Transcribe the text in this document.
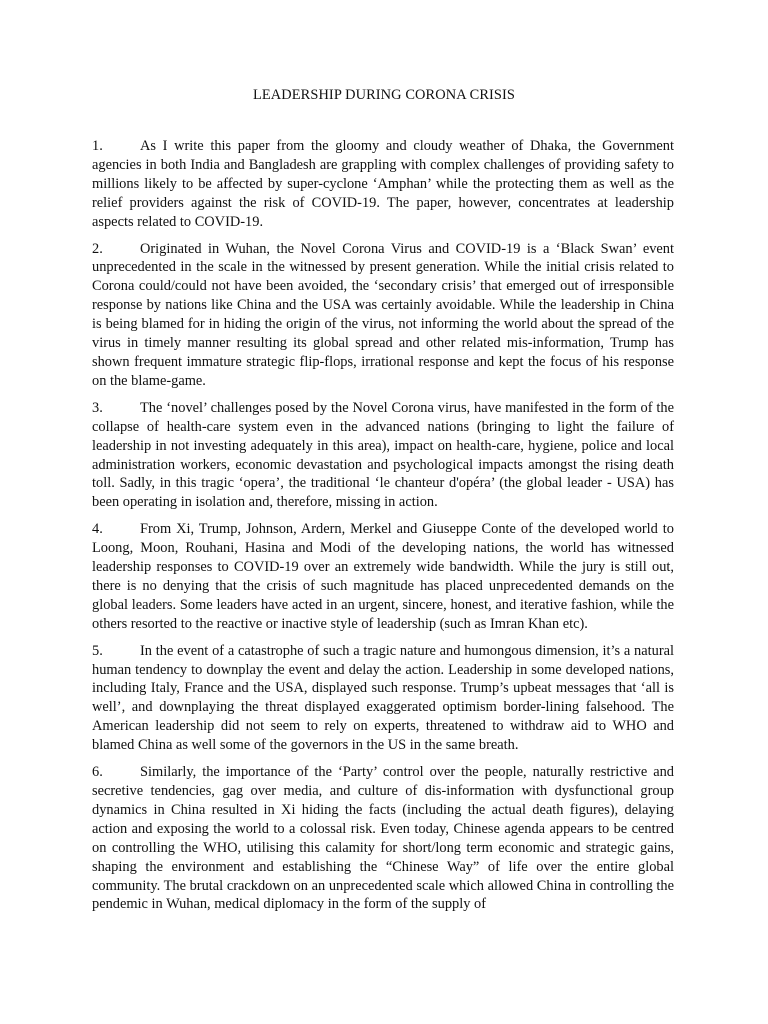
LEADERSHIP DURING CORONA CRISIS

1.	As I write this paper from the gloomy and cloudy weather of Dhaka, the Government agencies in both India and Bangladesh are grappling with complex challenges of providing safety to millions likely to be affected by super-cyclone ‘Amphan’ while the protecting them as well as the relief providers against the risk of COVID-19. The paper, however, concentrates at leadership aspects related to COVID-19.

2.	Originated in Wuhan, the Novel Corona Virus and COVID-19 is a ‘Black Swan’ event unprecedented in the scale in the witnessed by present generation. While the initial crisis related to Corona could/could not have been avoided, the ‘secondary crisis’ that emerged out of irresponsible response by nations like China and the USA was certainly avoidable. While the leadership in China is being blamed for in hiding the origin of the virus, not informing the world about the spread of the virus in timely manner resulting its global spread and other related mis-information, Trump has shown frequent immature strategic flip-flops, irrational response and kept the focus of his response on the blame-game.

3.	The ‘novel’ challenges posed by the Novel Corona virus, have manifested in the form of the collapse of health-care system even in the advanced nations (bringing to light the failure of leadership in not investing adequately in this area), impact on health-care, hygiene, police and local administration workers, economic devastation and psychological impacts amongst the rising death toll. Sadly, in this tragic ‘opera’, the traditional ‘le chanteur d'opéra’ (the global leader - USA) has been operating in isolation and, therefore, missing in action.

4.	From Xi, Trump, Johnson, Ardern, Merkel and Giuseppe Conte of the developed world to Loong, Moon, Rouhani, Hasina and Modi of the developing nations, the world has witnessed leadership responses to COVID-19 over an extremely wide bandwidth. While the jury is still out, there is no denying that the crisis of such magnitude has placed unprecedented demands on the global leaders. Some leaders have acted in an urgent, sincere, honest, and iterative fashion, while the others resorted to the reactive or inactive style of leadership (such as Imran Khan etc).

5.	In the event of a catastrophe of such a tragic nature and humongous dimension, it’s a natural human tendency to downplay the event and delay the action. Leadership in some developed nations, including Italy, France and the USA, displayed such response. Trump’s upbeat messages that ‘all is well’, and downplaying the threat displayed exaggerated optimism border-lining falsehood. The American leadership did not seem to rely on experts, threatened to withdraw aid to WHO and blamed China as well some of the governors in the US in the same breath.

6.	Similarly, the importance of the ‘Party’ control over the people, naturally restrictive and secretive tendencies, gag over media, and culture of dis-information with dysfunctional group dynamics in China resulted in Xi hiding the facts (including the actual death figures), delaying action and exposing the world to a colossal risk. Even today, Chinese agenda appears to be centred on controlling the WHO, utilising this calamity for short/long term economic and strategic gains, shaping the environment and establishing the “Chinese Way” of life over the entire global community. The brutal crackdown on an unprecedented scale which allowed China in controlling the pendemic in Wuhan, medical diplomacy in the form of the supply of
